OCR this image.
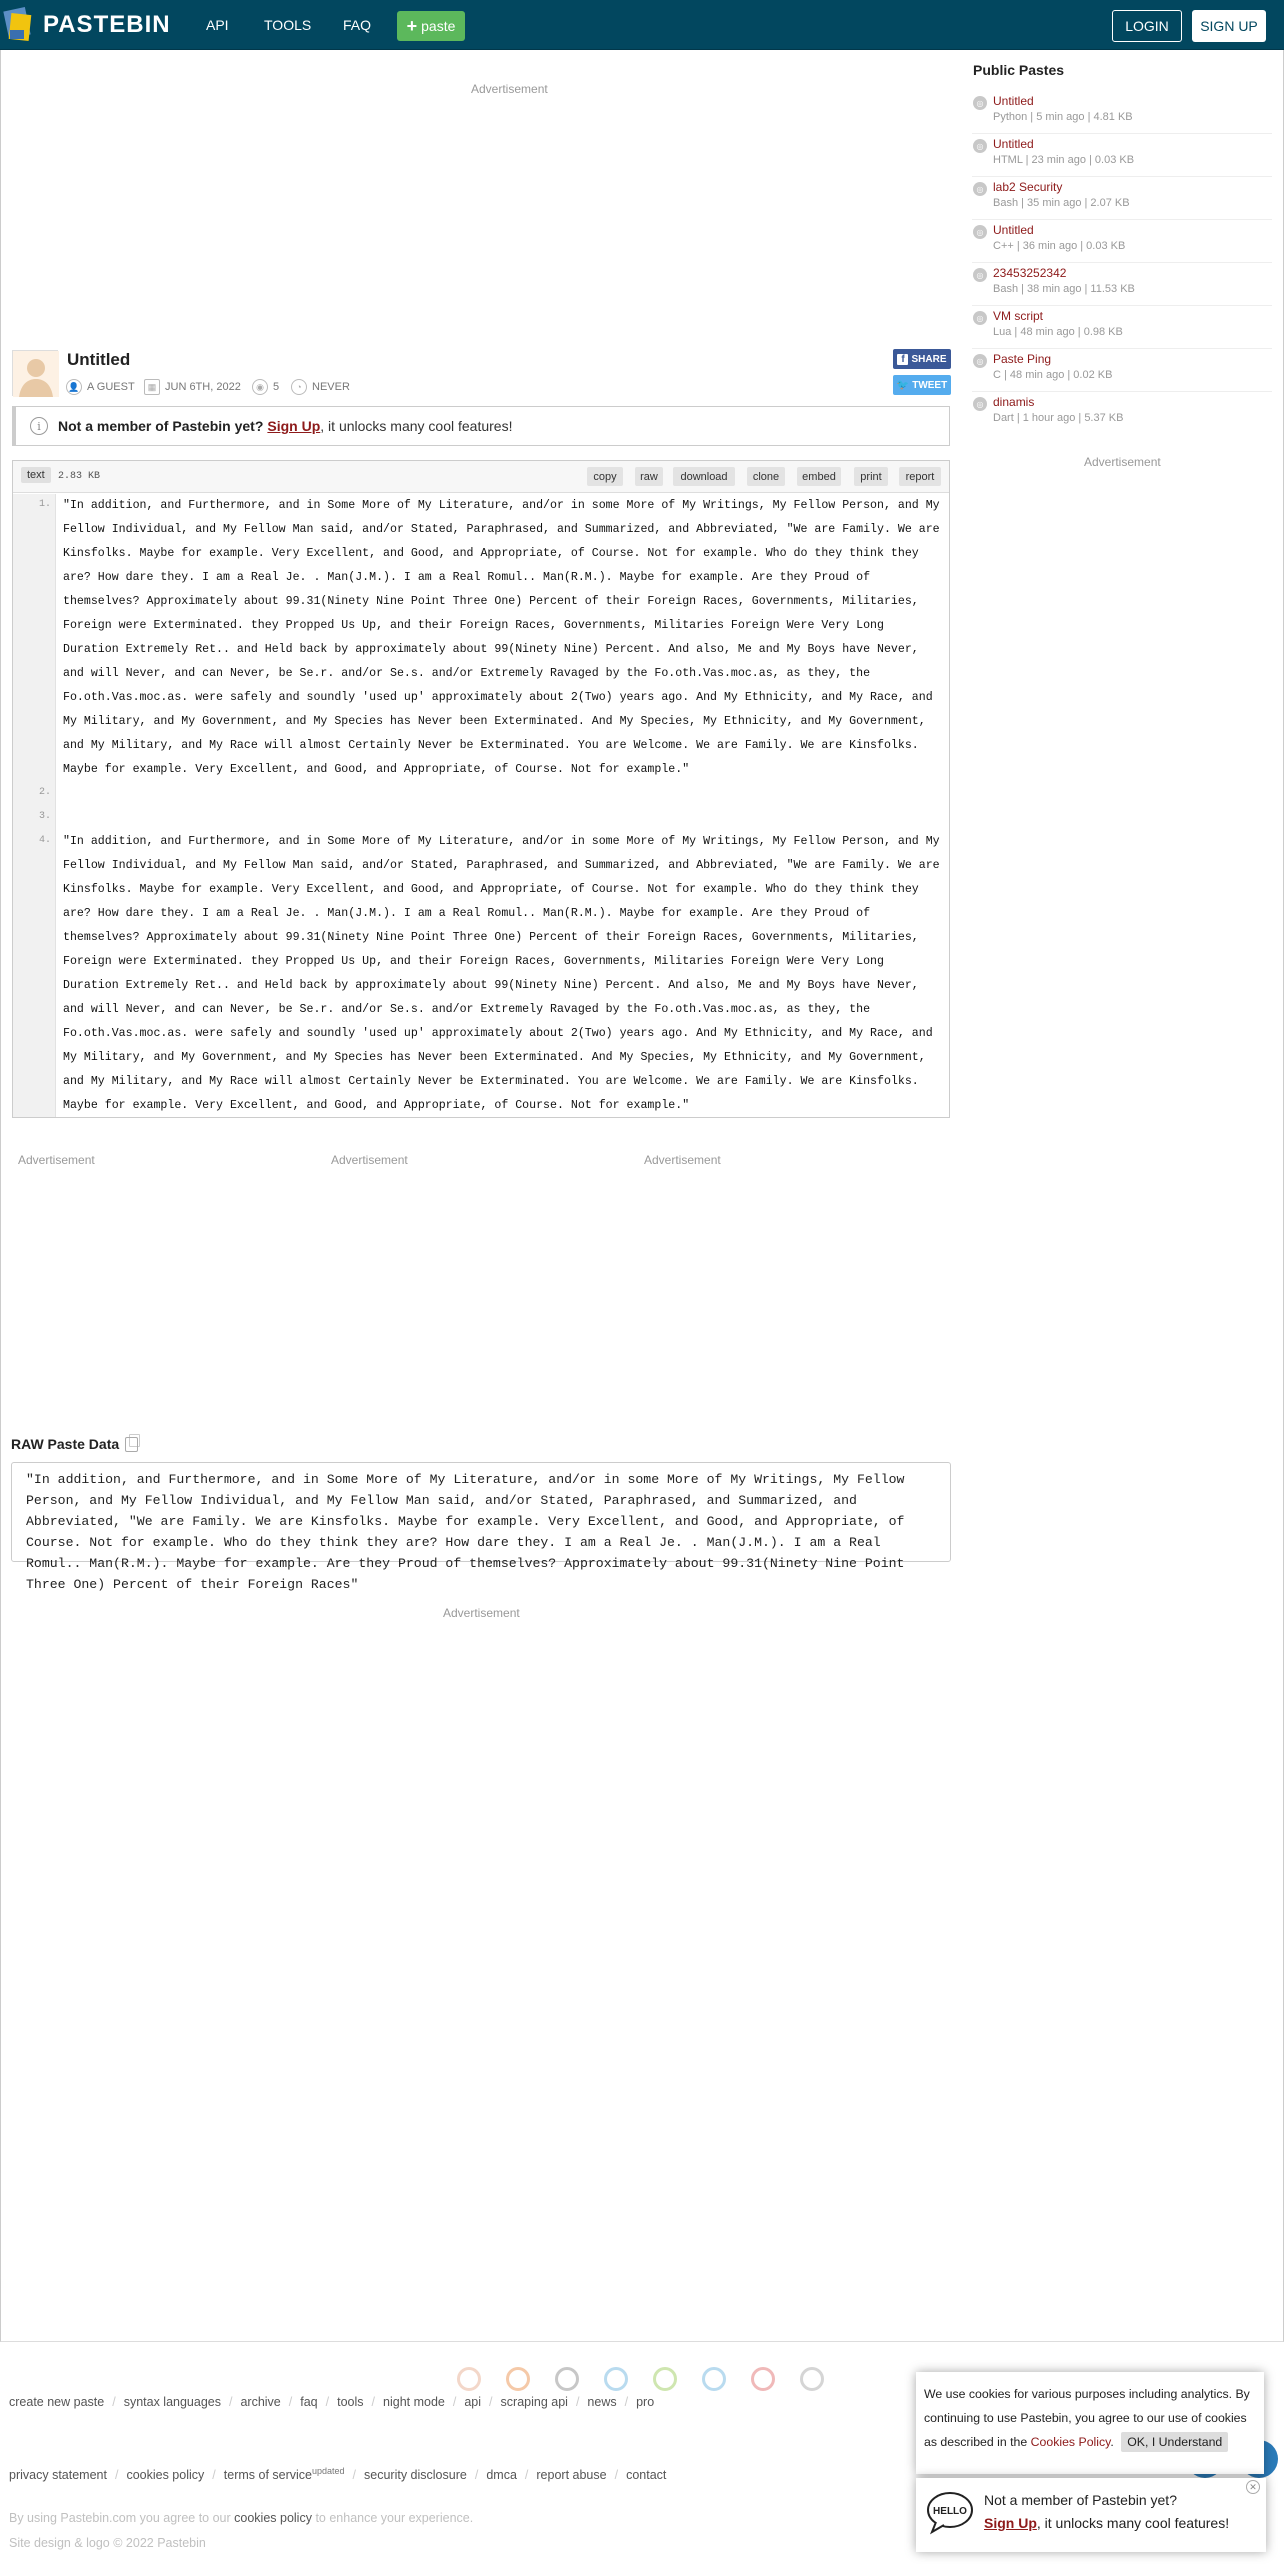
PASTEBIN	API	TOOLS FAQ + paste	LOGIN	SIGN UP
Advertisement
Untitled
👤 A GUEST	▦ JUN 6TH, 2022	◉ 5	◔ NEVER
f SHARE
🐦 TWEET
i	Not a member of Pastebin yet? Sign Up , it unlocks many cool features!
text	2.83 KB	copy	raw	download	clone	embed	print	report
1.
2.
3.
4.
"In addition, and Furthermore, and in Some More of My Literature, and/or in some More of My Writings, My Fellow Person, and My Fellow Individual, and My Fellow Man said, and/or Stated, Paraphrased, and Summarized, and Abbreviated, "We are Family. We are Kinsfolks. Maybe for example. Very Excellent, and Good, and Appropriate, of Course. Not for example. Who do they think they are? How dare they. I am a Real Je. . Man(J.M.). I am a Real Romul.. Man(R.M.). Maybe for example. Are they Proud of themselves? Approximately about 99.31(Ninety Nine Point Three One) Percent of their Foreign Races, Governments, Militaries, Foreign were Exterminated. they Propped Us Up, and their Foreign Races, Governments, Militaries Foreign Were Very Long Duration Extremely Ret.. and Held back by approximately about 99(Ninety Nine) Percent. And also, Me and My Boys have Never, and will Never, and can Never, be Se.r. and/or Se.s. and/or Extremely Ravaged by the Fo.oth.Vas.moc.as, as they, the Fo.oth.Vas.moc.as. were safely and soundly 'used up' approximately about 2(Two) years ago. And My Ethnicity, and My Race, and My Military, and My Government, and My Species has Never been Exterminated. And My Species, My Ethnicity, and My Government, and My Military, and My Race will almost Certainly Never be Exterminated. You are Welcome. We are Family. We are Kinsfolks. Maybe for example. Very Excellent, and Good, and Appropriate, of Course. Not for example."
"In addition, and Furthermore, and in Some More of My Literature, and/or in some More of My Writings, My Fellow Person, and My Fellow Individual, and My Fellow Man said, and/or Stated, Paraphrased, and Summarized, and Abbreviated, "We are Family. We are Kinsfolks. Maybe for example. Very Excellent, and Good, and Appropriate, of Course. Not for example. Who do they think they are? How dare they. I am a Real Je. . Man(J.M.). I am a Real Romul.. Man(R.M.). Maybe for example. Are they Proud of themselves? Approximately about 99.31(Ninety Nine Point Three One) Percent of their Foreign Races, Governments, Militaries, Foreign were Exterminated. they Propped Us Up, and their Foreign Races, Governments, Militaries Foreign Were Very Long Duration Extremely Ret.. and Held back by approximately about 99(Ninety Nine) Percent. And also, Me and My Boys have Never, and will Never, and can Never, be Se.r. and/or Se.s. and/or Extremely Ravaged by the Fo.oth.Vas.moc.as, as they, the Fo.oth.Vas.moc.as. were safely and soundly 'used up' approximately about 2(Two) years ago. And My Ethnicity, and My Race, and My Military, and My Government, and My Species has Never been Exterminated. And My Species, My Ethnicity, and My Government, and My Military, and My Race will almost Certainly Never be Exterminated. You are Welcome. We are Family. We are Kinsfolks. Maybe for example. Very Excellent, and Good, and Appropriate, of Course. Not for example."
Advertisement	Advertisement	Advertisement
RAW Paste Data
"In addition, and Furthermore, and in Some More of My Literature, and/or in some More of My Writings, My Fellow Person, and My Fellow Individual, and My Fellow Man said, and/or Stated, Paraphrased, and Summarized, and Abbreviated, "We are Family. We are Kinsfolks. Maybe for example. Very Excellent, and Good, and Appropriate, of Course. Not for example. Who do they think they are? How dare they. I am a Real Je. . Man(J.M.). I am a Real Romul.. Man(R.M.). Maybe for example. Are they Proud of themselves? Approximately about 99.31(Ninety Nine Point Three One) Percent of their Foreign Races"
Advertisement
Public Pastes
◎ Untitled
Python | 5 min ago | 4.81 KB
◎ Untitled
HTML | 23 min ago | 0.03 KB
◎ lab2 Security
Bash | 35 min ago | 2.07 KB
◎ Untitled
C++ | 36 min ago | 0.03 KB
◎ 23453252342
Bash | 38 min ago | 11.53 KB
◎ VM script
Lua | 48 min ago | 0.98 KB
◎ Paste Ping
C | 48 min ago | 0.02 KB
◎ dinamis
Dart | 1 hour ago | 5.37 KB
Advertisement
create new paste / syntax languages / archive / faq / tools / night mode / api / scraping api / news / pro
privacy statement / cookies policy / terms of service$^{updated}$ / security disclosure / dmca / report abuse / contact
By using Pastebin.com you agree to our cookies policy to enhance your experience.
Site design & logo © 2022 Pastebin
We use cookies for various purposes including analytics. By continuing to use Pastebin, you agree to our use of cookies as described in the Cookies Policy. OK, I Understand
HELLO
✕
Not a member of Pastebin yet?
Sign Up, it unlocks many cool features!
